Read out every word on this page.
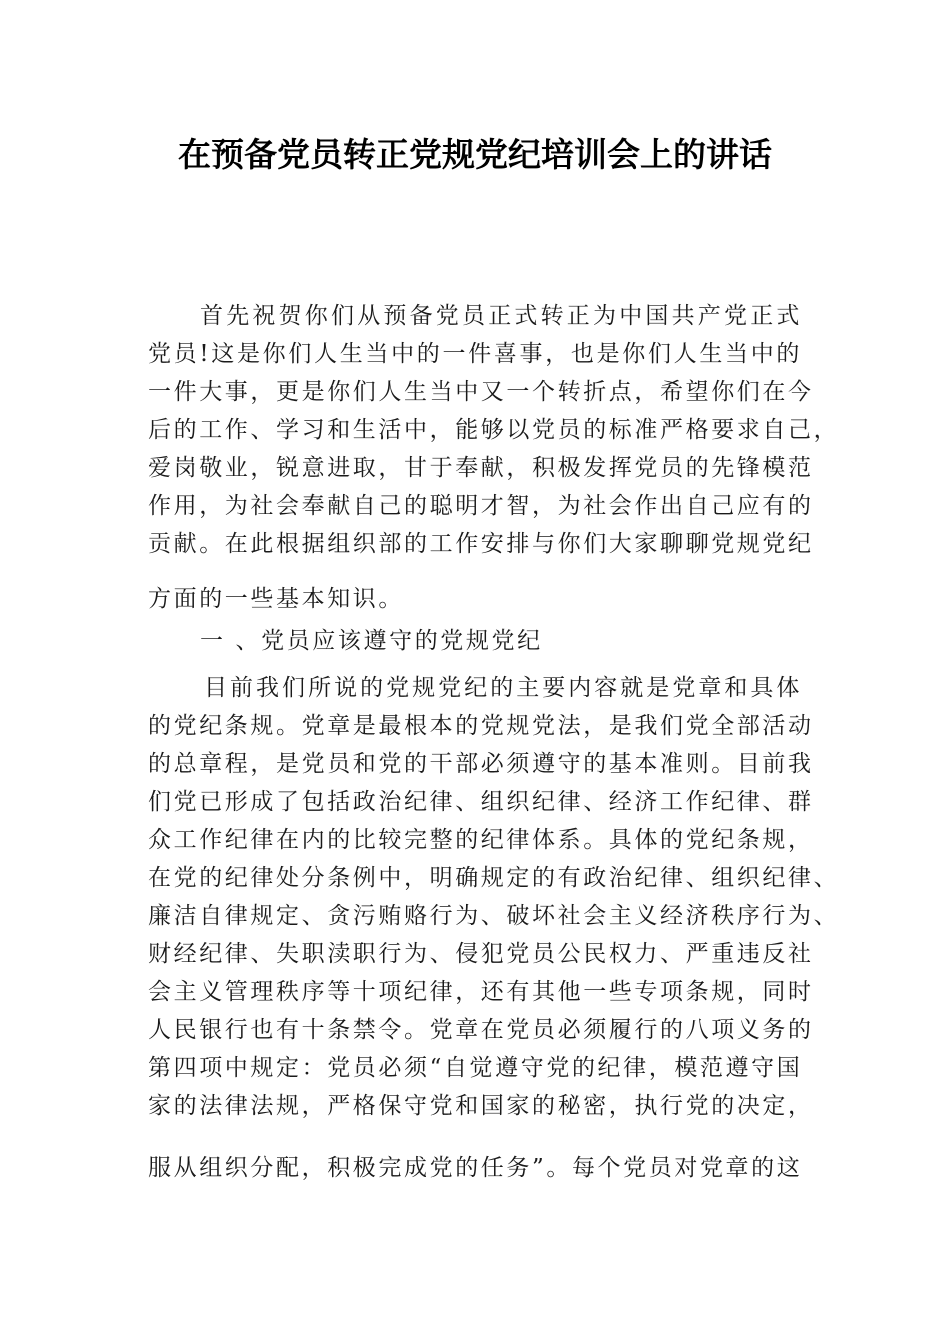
在预备党员转正党规党纪培训会上的讲话
首先祝贺你们从预备党员正式转正为中国共产党正式
党员!这是你们人生当中的一件喜事，也是你们人生当中的
一件大事，更是你们人生当中又一个转折点，希望你们在今
后的工作、学习和生活中，能够以党员的标准严格要求自己，
爱岗敬业，锐意进取，甘于奉献，积极发挥党员的先锋模范
作用，为社会奉献自己的聪明才智，为社会作出自己应有的
贡献。在此根据组织部的工作安排与你们大家聊聊党规党纪
方面的一些基本知识。
一 、党员应该遵守的党规党纪
目前我们所说的党规党纪的主要内容就是党章和具体
的党纪条规。党章是最根本的党规党法，是我们党全部活动
的总章程，是党员和党的干部必须遵守的基本准则。目前我
们党已形成了包括政治纪律、组织纪律、经济工作纪律、群
众工作纪律在内的比较完整的纪律体系。具体的党纪条规，
在党的纪律处分条例中，明确规定的有政治纪律、组织纪律、
廉洁自律规定、贪污贿赂行为、破坏社会主义经济秩序行为、
财经纪律、失职渎职行为、侵犯党员公民权力、严重违反社
会主义管理秩序等十项纪律，还有其他一些专项条规，同时
人民银行也有十条禁令。党章在党员必须履行的八项义务的
第四项中规定：党员必须“自觉遵守党的纪律，模范遵守国
家的法律法规，严格保守党和国家的秘密，执行党的决定，
服从组织分配，积极完成党的任务”。每个党员对党章的这
